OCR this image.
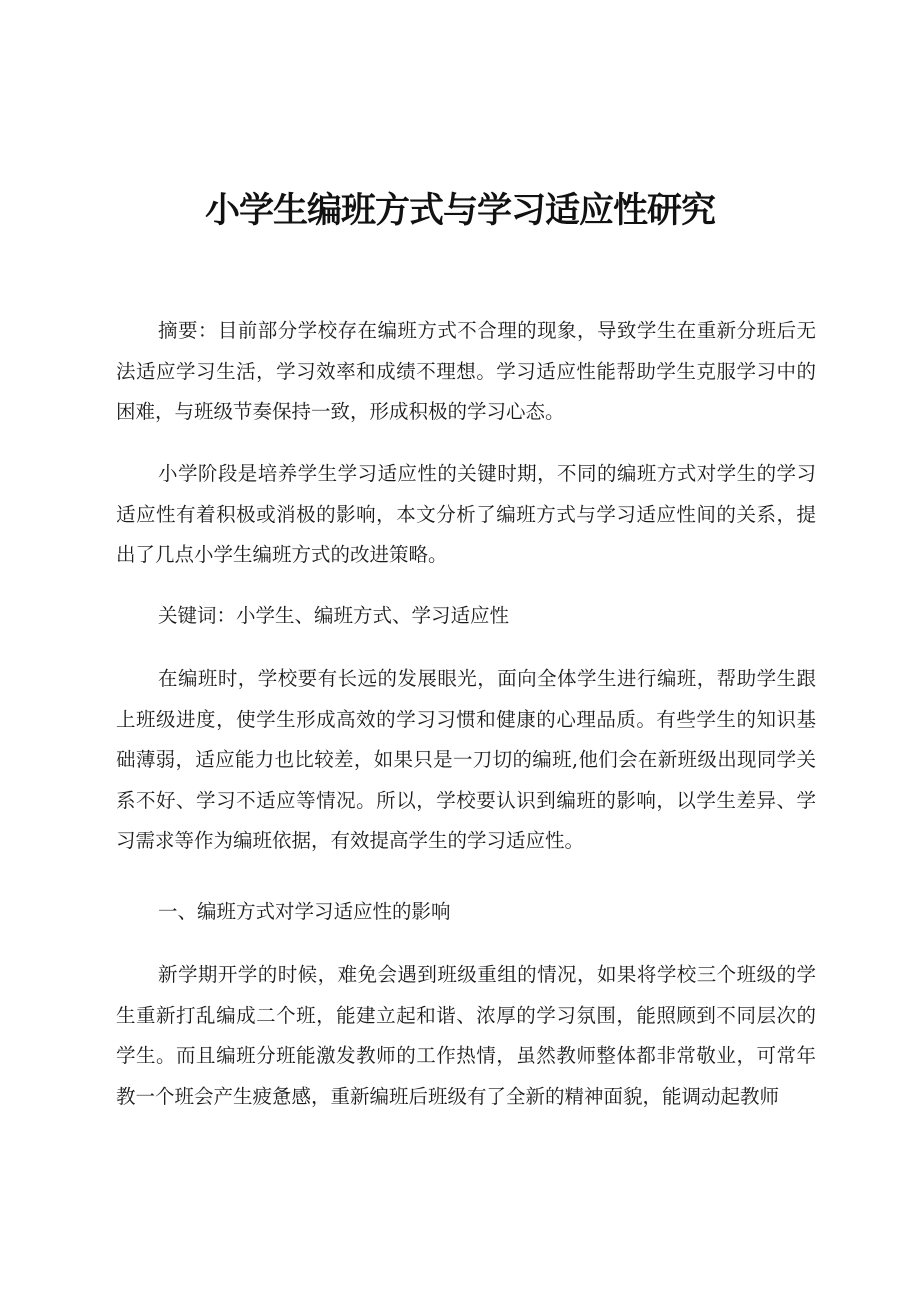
小学生编班方式与学习适应性研究

摘要：目前部分学校存在编班方式不合理的现象，导致学生在重新分班后无法适应学习生活，学习效率和成绩不理想。学习适应性能帮助学生克服学习中的困难，与班级节奏保持一致，形成积极的学习心态。

小学阶段是培养学生学习适应性的关键时期，不同的编班方式对学生的学习适应性有着积极或消极的影响，本文分析了编班方式与学习适应性间的关系，提出了几点小学生编班方式的改进策略。

关键词：小学生、编班方式、学习适应性

在编班时，学校要有长远的发展眼光，面向全体学生进行编班，帮助学生跟上班级进度，使学生形成高效的学习习惯和健康的心理品质。有些学生的知识基础薄弱，适应能力也比较差，如果只是一刀切的编班,他们会在新班级出现同学关系不好、学习不适应等情况。所以，学校要认识到编班的影响，以学生差异、学习需求等作为编班依据，有效提高学生的学习适应性。

一、编班方式对学习适应性的影响

新学期开学的时候，难免会遇到班级重组的情况，如果将学校三个班级的学生重新打乱编成二个班，能建立起和谐、浓厚的学习氛围，能照顾到不同层次的学生。而且编班分班能激发教师的工作热情，虽然教师整体都非常敬业，可常年教一个班会产生疲惫感，重新编班后班级有了全新的精神面貌，能调动起教师
